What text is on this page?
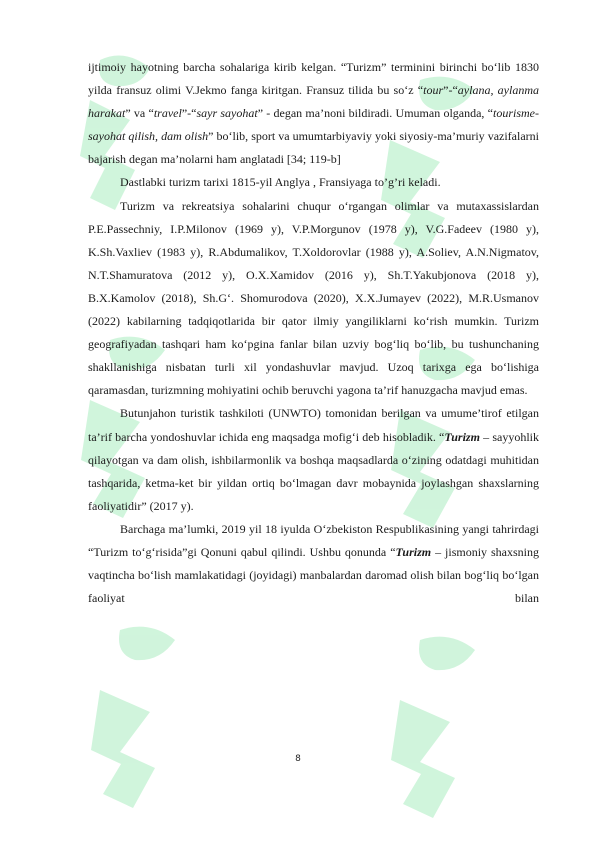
ijtimoiy hayotning barcha sohalariga kirib kelgan. “Turizm” terminini birinchi bo‘lib 1830 yilda fransuz olimi V.Jekmo fanga kiritgan. Fransuz tilida bu so‘z “tour”-“aylana, aylanma harakat” va “travel”-“sayr sayohat” - degan ma’noni bildiradi. Umuman olganda, “tourisme-sayohat qilish, dam olish” bo‘lib, sport va umumtarbiyaviy yoki siyosiy-ma’muriy vazifalarni bajarish degan ma’nolarni ham anglatadi [34; 119-b]

Dastlabki turizm tarixi 1815-yil Anglya , Fransiyaga to’g’ri keladi.

Turizm va rekreatsiya sohalarini chuqur o‘rgangan olimlar va mutaxassislardan P.E.Passechniy, I.P.Milonov (1969 y), V.P.Morgunov (1978 y), V.G.Fadeev (1980 y), K.Sh.Vaxliev (1983 y), R.Abdumalikov, T.Xoldorovlar (1988 y), A.Soliev, A.N.Nigmatov, N.T.Shamuratova (2012 y), O.X.Xamidov (2016 y), Sh.T.Yakubjonova (2018 y), B.X.Kamolov (2018), Sh.G‘. Shomurodova (2020), X.X.Jumayev (2022), M.R.Usmanov (2022) kabilarning tadqiqotlarida bir qator ilmiy yangiliklarni ko‘rish mumkin. Turizm geografiyadan tashqari ham ko‘pgina fanlar bilan uzviy bog‘liq bo‘lib, bu tushunchaning shakllanishiga nisbatan turli xil yondashuvlar mavjud. Uzoq tarixga ega bo‘lishiga qaramasdan, turizmning mohiyatini ochib beruvchi yagona ta’rif hanuzgacha mavjud emas.

Butunjahon turistik tashkiloti (UNWTO) tomonidan berilgan va umume’tirof etilgan ta’rif barcha yondoshuvlar ichida eng maqsadga mofig‘i deb hisobladik. “Turizm – sayyohlik qilayotgan va dam olish, ishbilarmonlik va boshqa maqsadlarda o‘zining odatdagi muhitidan tashqarida, ketma-ket bir yildan ortiq bo‘lmagan davr mobaynida joylashgan shaxslarning faoliyatidir” (2017 y).

Barchaga ma’lumki, 2019 yil 18 iyulda O‘zbekiston Respublikasining yangi tahrirdagi “Turizm to‘g‘risida”gi Qonuni qabul qilindi. Ushbu qonunda “Turizm – jismoniy shaxsning vaqtincha bo‘lish mamlakatidagi (joyidagi) manbalardan daromad olish bilan bog‘liq bo‘lgan faoliyat bilan

8
